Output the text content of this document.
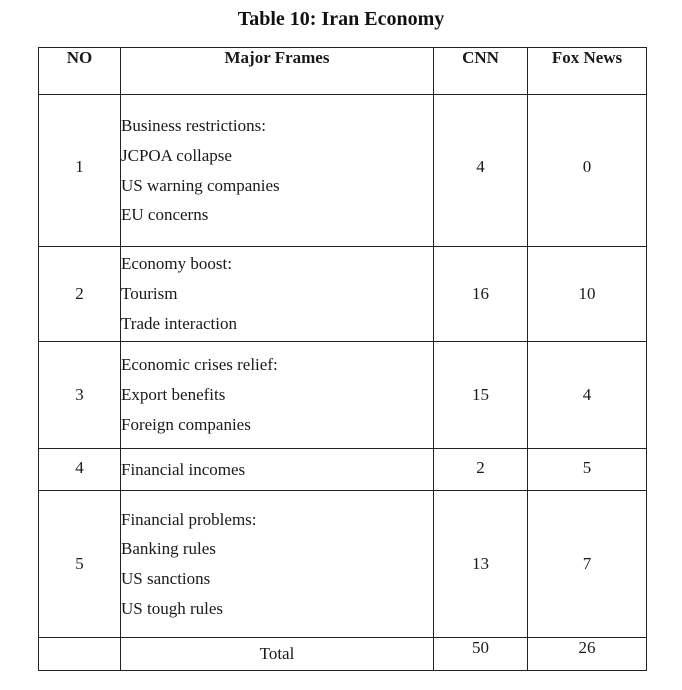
Table 10: Iran Economy
NO	Major Frames	CNN	Fox News
1	Business restrictions:
JCPOA collapse
US warning companies
EU concerns	4	0
2	Economy boost:
Tourism
Trade interaction	16	10
3	Economic crises relief:
Export benefits
Foreign companies	15	4
4	Financial incomes	2	5
5	Financial problems:
Banking rules
US sanctions
US tough rules	13	7
	Total	50	26
